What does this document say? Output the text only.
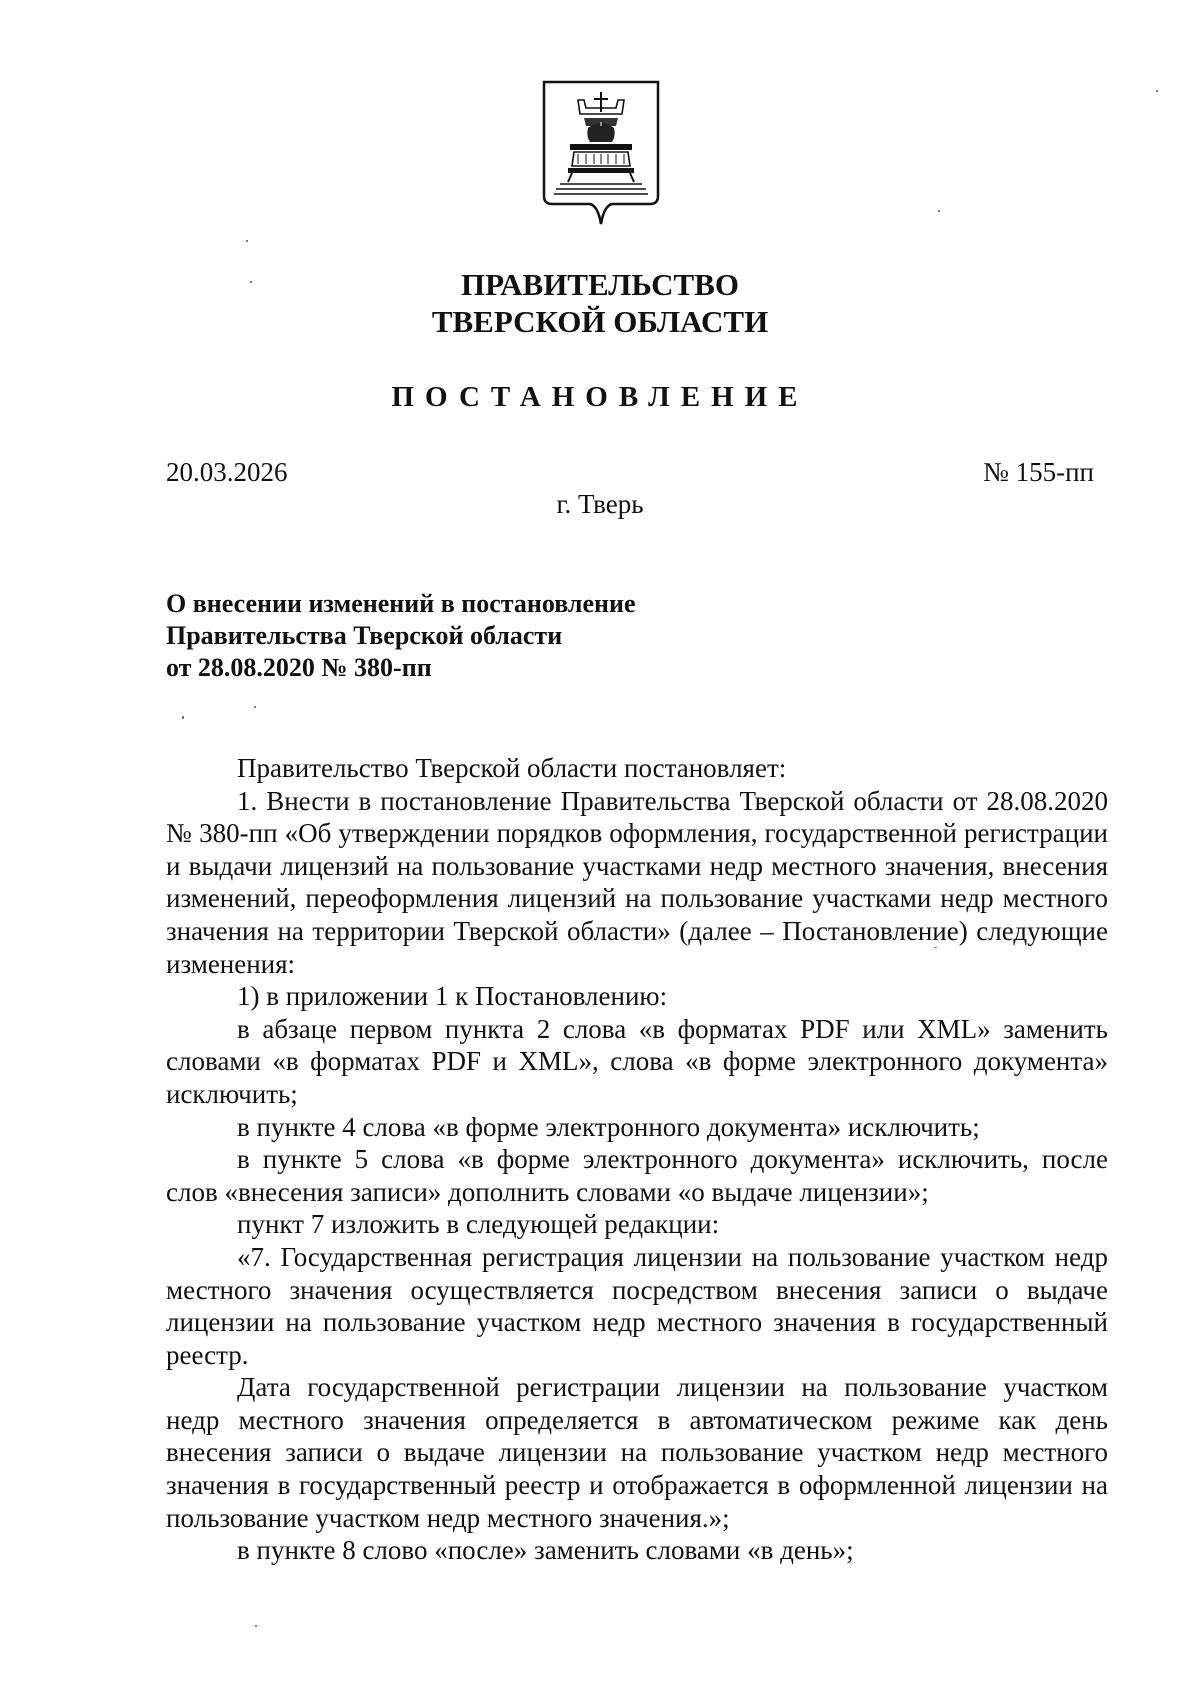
ПРАВИТЕЛЬСТВО
ТВЕРСКОЙ ОБЛАСТИ
ПОСТАНОВЛЕНИЕ
20.03.2026	№ 155-пп
г. Тверь
О внесении изменений в постановление
Правительства Тверской области
от 28.08.2020 № 380-пп

Правительство Тверской области постановляет:

1. Внести в постановление Правительства Тверской области от 28.08.2020 № 380-пп «Об утверждении порядков оформления, государственной регистрации и выдачи лицензий на пользование участками недр местного значения, внесения изменений, переоформления лицензий на пользование участками недр местного значения на территории Тверской области» (далее – Постановление) следующие изменения:

1) в приложении 1 к Постановлению:

в абзаце первом пункта 2 слова «в форматах PDF или XML» заменить словами «в форматах PDF и XML», слова «в форме электронного документа» исключить;

в пункте 4 слова «в форме электронного документа» исключить;

в пункте 5 слова «в форме электронного документа» исключить, после слов «внесения записи» дополнить словами «о выдаче лицензии»;

пункт 7 изложить в следующей редакции:

«7. Государственная регистрация лицензии на пользование участком недр местного значения осуществляется посредством внесения записи о выдаче лицензии на пользование участком недр местного значения в государственный реестр.

Дата государственной регистрации лицензии на пользование участком недр местного значения определяется в автоматическом режиме как день внесения записи о выдаче лицензии на пользование участком недр местного значения в государственный реестр и отображается в оформленной лицензии на пользование участком недр местного значения.»;

в пункте 8 слово «после» заменить словами «в день»;
